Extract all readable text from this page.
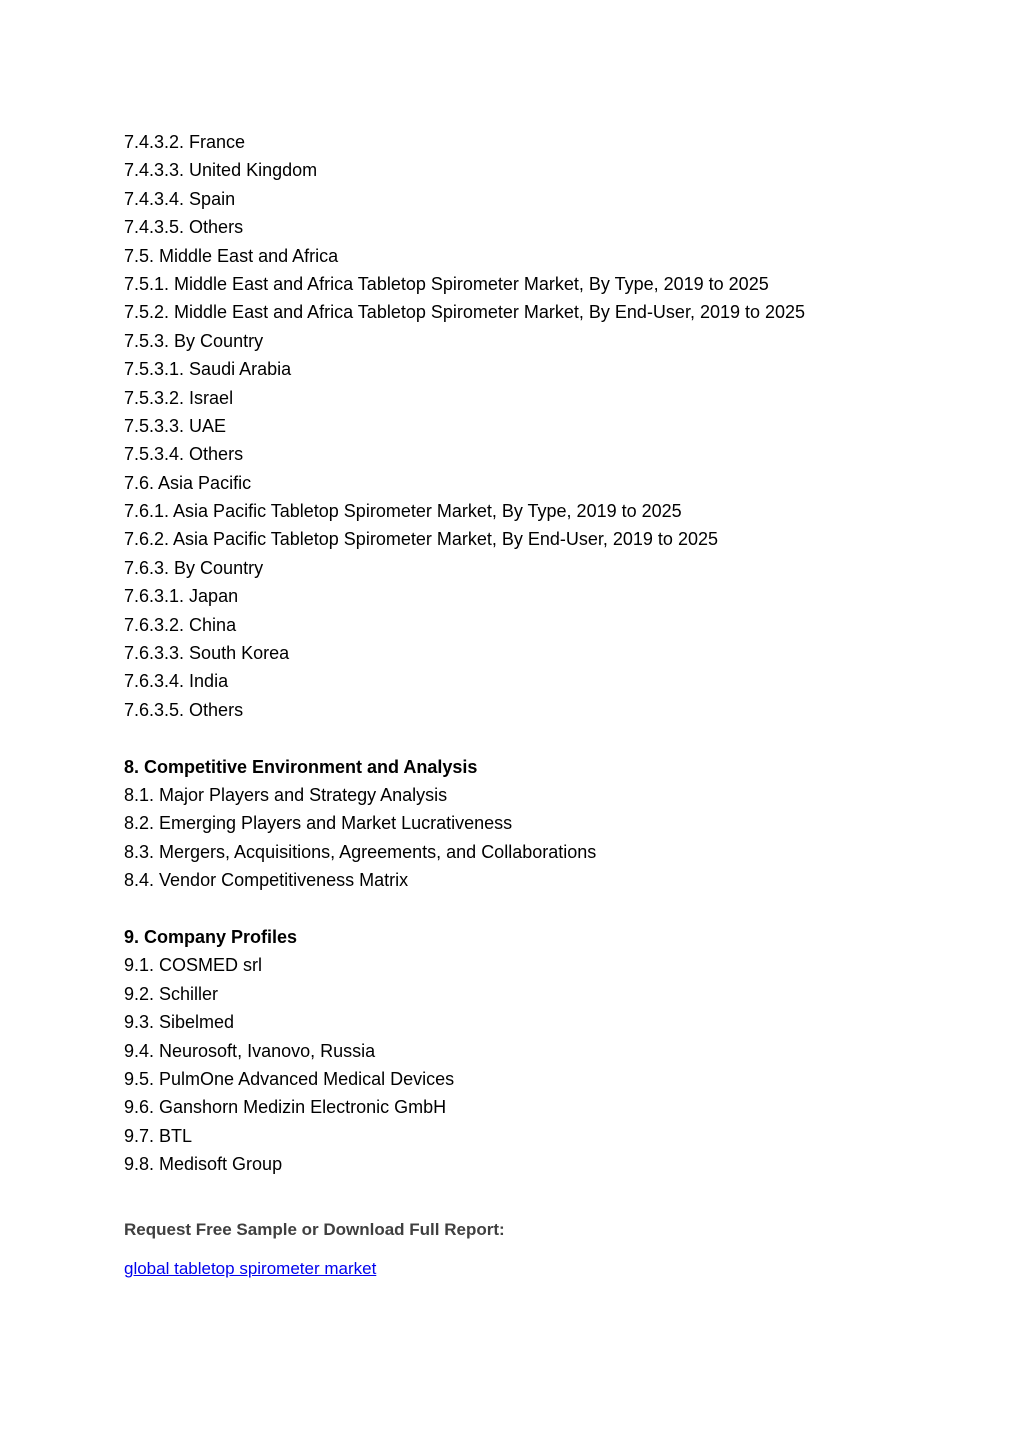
7.4.3.2. France
7.4.3.3. United Kingdom
7.4.3.4. Spain
7.4.3.5. Others
7.5. Middle East and Africa
7.5.1. Middle East and Africa Tabletop Spirometer Market, By Type, 2019 to 2025
7.5.2. Middle East and Africa Tabletop Spirometer Market, By End-User, 2019 to 2025
7.5.3. By Country
7.5.3.1. Saudi Arabia
7.5.3.2. Israel
7.5.3.3. UAE
7.5.3.4. Others
7.6. Asia Pacific
7.6.1. Asia Pacific Tabletop Spirometer Market, By Type, 2019 to 2025
7.6.2. Asia Pacific Tabletop Spirometer Market, By End-User, 2019 to 2025
7.6.3. By Country
7.6.3.1. Japan
7.6.3.2. China
7.6.3.3. South Korea
7.6.3.4. India
7.6.3.5. Others
8. Competitive Environment and Analysis
8.1. Major Players and Strategy Analysis
8.2. Emerging Players and Market Lucrativeness
8.3. Mergers, Acquisitions, Agreements, and Collaborations
8.4. Vendor Competitiveness Matrix
9. Company Profiles
9.1. COSMED srl
9.2. Schiller
9.3. Sibelmed
9.4. Neurosoft, Ivanovo, Russia
9.5. PulmOne Advanced Medical Devices
9.6. Ganshorn Medizin Electronic GmbH
9.7. BTL
9.8. Medisoft Group
Request Free Sample or Download Full Report:
global tabletop spirometer market
